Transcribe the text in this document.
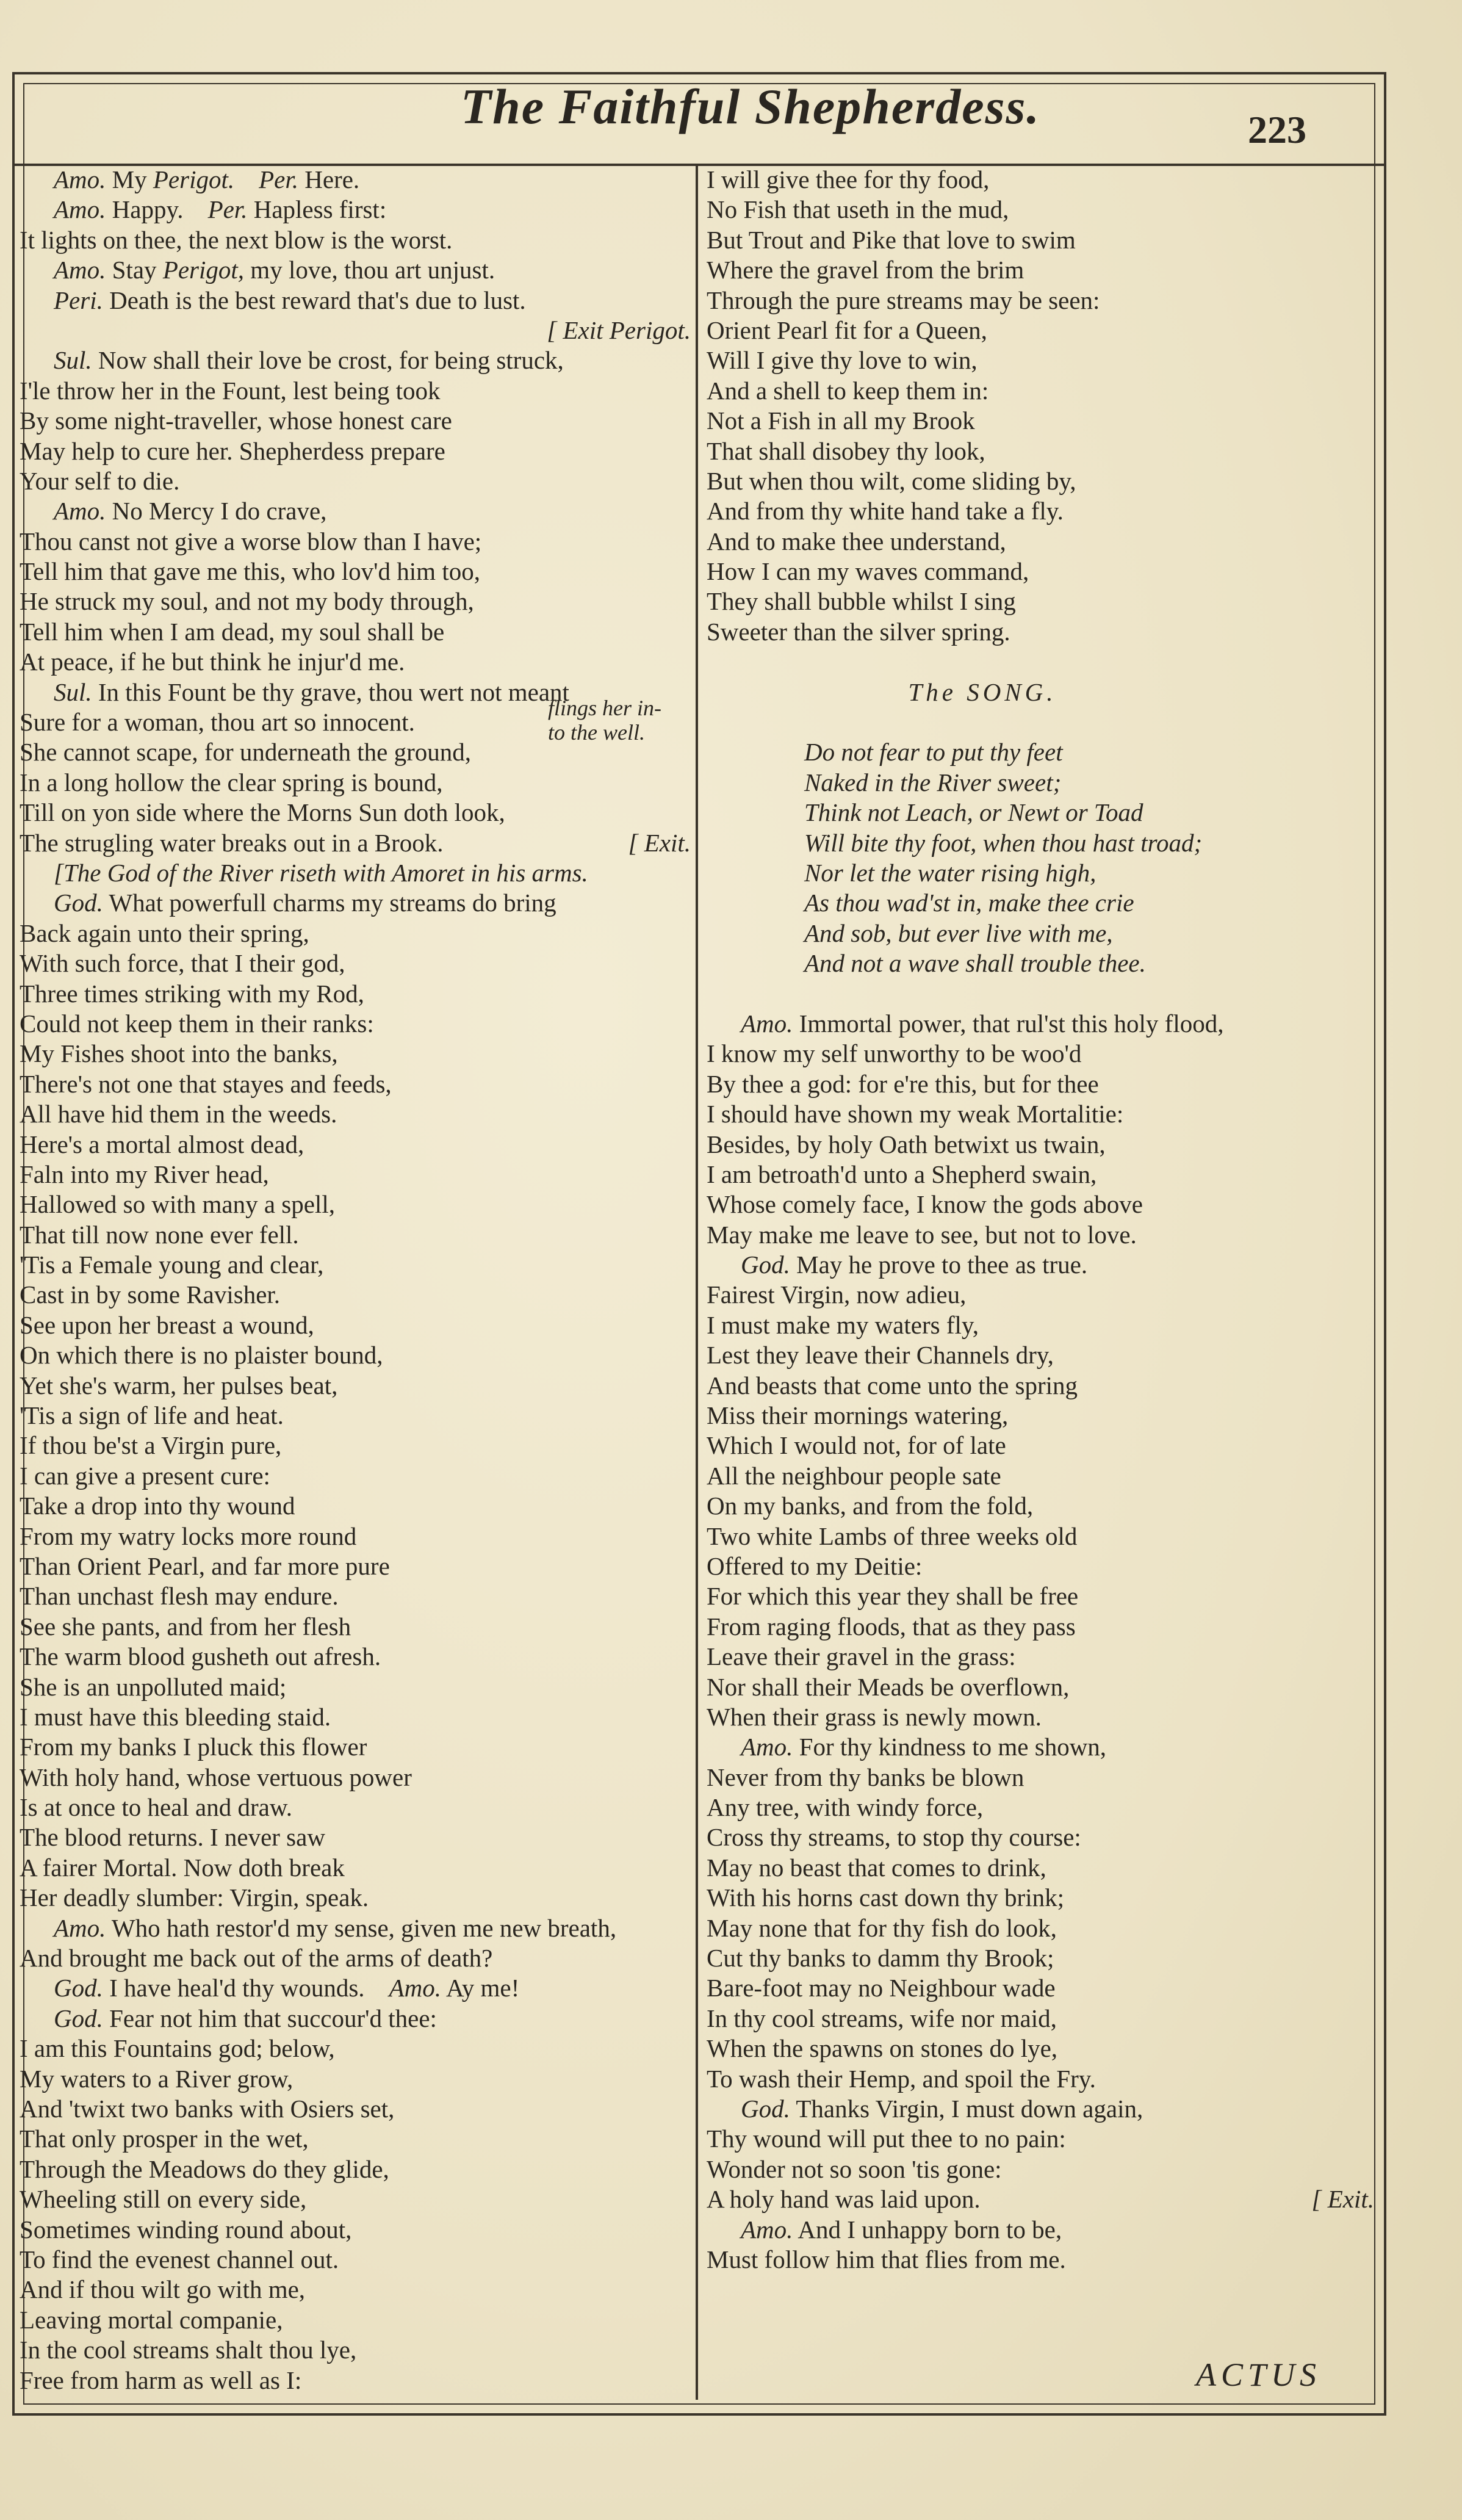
The Faithful Shepherdess.	223
Amo. My Perigot. Per. Here.
Amo. Happy. Per. Hapless first:
It lights on thee, the next blow is the worst.
Amo. Stay Perigot, my love, thou art unjust.
Peri. Death is the best reward that's due to lust.
[ Exit Perigot.
Sul. Now shall their love be crost, for being struck,
I'le throw her in the Fount, lest being took
By some night-traveller, whose honest care
May help to cure her. Shepherdess prepare
Your self to die.
Amo. No Mercy I do crave,
Thou canst not give a worse blow than I have;
Tell him that gave me this, who lov'd him too,
He struck my soul, and not my body through,
Tell him when I am dead, my soul shall be
At peace, if he but think he injur'd me.
Sul. In this Fount be thy grave, thou wert not meant
Sure for a woman, thou art so innocent.
She cannot scape, for underneath the ground,
In a long hollow the clear spring is bound,
Till on yon side where the Morns Sun doth look,
The strugling water breaks out in a Brook.	[ Exit.
[The God of the River riseth with Amoret in his arms.
God. What powerfull charms my streams do bring
Back again unto their spring,
With such force, that I their god,
Three times striking with my Rod,
Could not keep them in their ranks:
My Fishes shoot into the banks,
There's not one that stayes and feeds,
All have hid them in the weeds.
Here's a mortal almost dead,
Faln into my River head,
Hallowed so with many a spell,
That till now none ever fell.
'Tis a Female young and clear,
Cast in by some Ravisher.
See upon her breast a wound,
On which there is no plaister bound,
Yet she's warm, her pulses beat,
'Tis a sign of life and heat.
If thou be'st a Virgin pure,
I can give a present cure:
Take a drop into thy wound
From my watry locks more round
Than Orient Pearl, and far more pure
Than unchast flesh may endure.
See she pants, and from her flesh
The warm blood gusheth out afresh.
She is an unpolluted maid;
I must have this bleeding staid.
From my banks I pluck this flower
With holy hand, whose vertuous power
Is at once to heal and draw.
The blood returns. I never saw
A fairer Mortal. Now doth break
Her deadly slumber: Virgin, speak.
Amo. Who hath restor'd my sense, given me new breath,
And brought me back out of the arms of death?
God. I have heal'd thy wounds. Amo. Ay me!
God. Fear not him that succour'd thee:
I am this Fountains god; below,
My waters to a River grow,
And 'twixt two banks with Osiers set,
That only prosper in the wet,
Through the Meadows do they glide,
Wheeling still on every side,
Sometimes winding round about,
To find the evenest channel out.
And if thou wilt go with me,
Leaving mortal companie,
In the cool streams shalt thou lye,
Free from harm as well as I:
I will give thee for thy food,
No Fish that useth in the mud,
But Trout and Pike that love to swim
Where the gravel from the brim
Through the pure streams may be seen:
Orient Pearl fit for a Queen,
Will I give thy love to win,
And a shell to keep them in:
Not a Fish in all my Brook
That shall disobey thy look,
But when thou wilt, come sliding by,
And from thy white hand take a fly.
And to make thee understand,
How I can my waves command,
They shall bubble whilst I sing
Sweeter than the silver spring.
The SONG.
Do not fear to put thy feet
Naked in the River sweet;
Think not Leach, or Newt or Toad
Will bite thy foot, when thou hast troad;
Nor let the water rising high,
As thou wad'st in, make thee crie
And sob, but ever live with me,
And not a wave shall trouble thee.
Amo. Immortal power, that rul'st this holy flood,
I know my self unworthy to be woo'd
By thee a god: for e're this, but for thee
I should have shown my weak Mortalitie:
Besides, by holy Oath betwixt us twain,
I am betroath'd unto a Shepherd swain,
Whose comely face, I know the gods above
May make me leave to see, but not to love.
God. May he prove to thee as true.
Fairest Virgin, now adieu,
I must make my waters fly,
Lest they leave their Channels dry,
And beasts that come unto the spring
Miss their mornings watering,
Which I would not, for of late
All the neighbour people sate
On my banks, and from the fold,
Two white Lambs of three weeks old
Offered to my Deitie:
For which this year they shall be free
From raging floods, that as they pass
Leave their gravel in the grass:
Nor shall their Meads be overflown,
When their grass is newly mown.
Amo. For thy kindness to me shown,
Never from thy banks be blown
Any tree, with windy force,
Cross thy streams, to stop thy course:
May no beast that comes to drink,
With his horns cast down thy brink;
May none that for thy fish do look,
Cut thy banks to damm thy Brook;
Bare-foot may no Neighbour wade
In thy cool streams, wife nor maid,
When the spawns on stones do lye,
To wash their Hemp, and spoil the Fry.
God. Thanks Virgin, I must down again,
Thy wound will put thee to no pain:
Wonder not so soon 'tis gone:
A holy hand was laid upon.	[ Exit.
Amo. And I unhappy born to be,
Must follow him that flies from me.
flings her in-
to the well.
ACTUS
